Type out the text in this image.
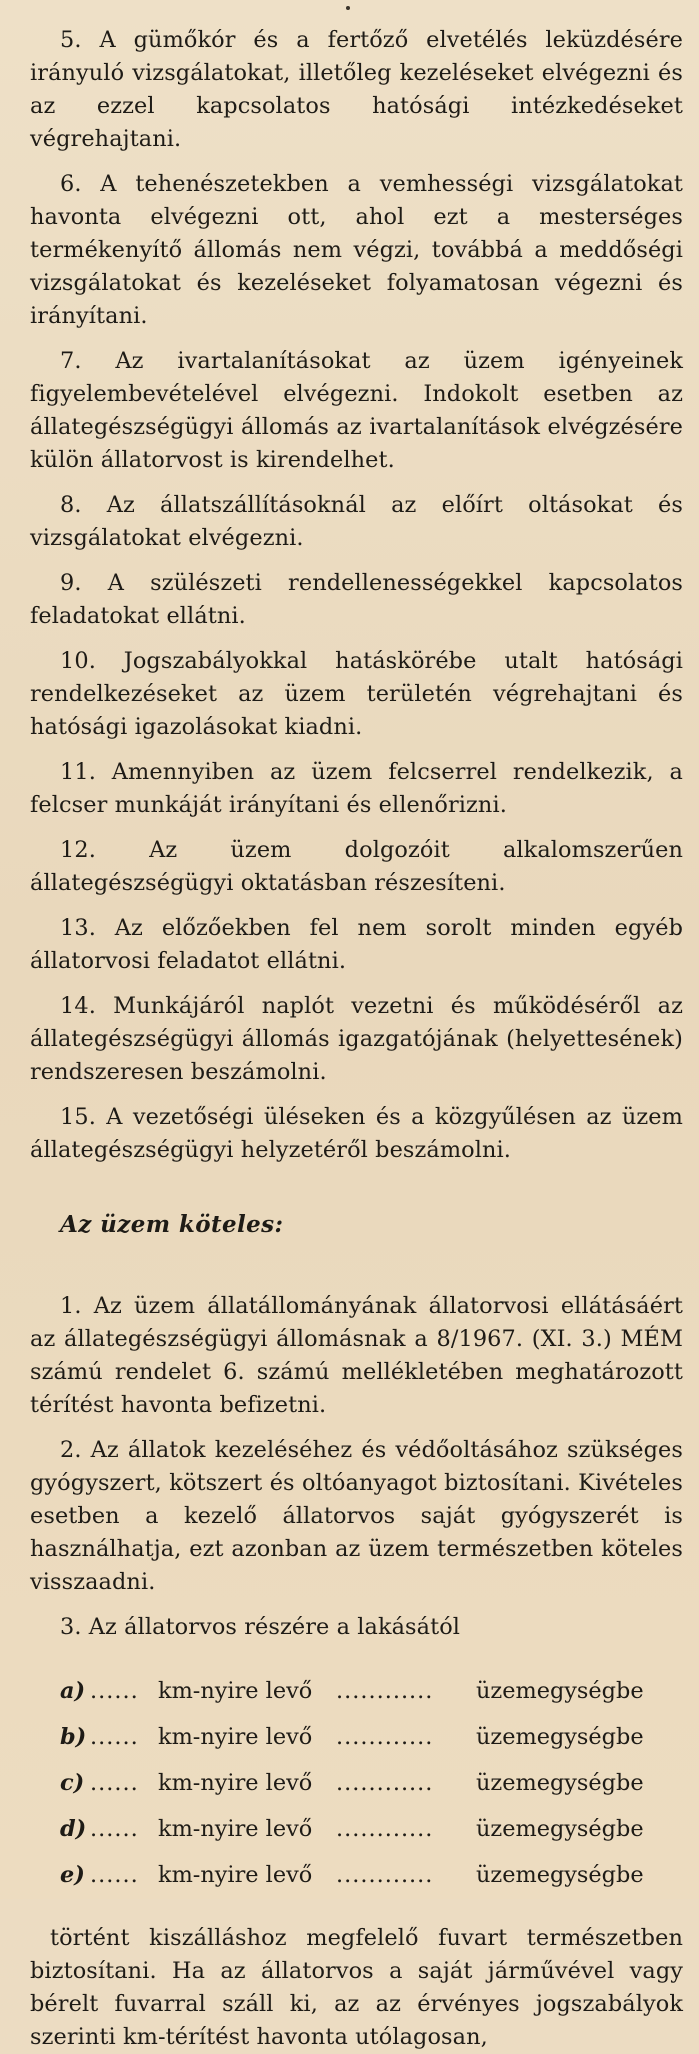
5. A gümőkór és a fertőző elvetélés leküzdésére irányuló vizsgálatokat, illetőleg kezeléseket elvégezni és az ezzel kapcsolatos hatósági intézkedéseket végrehajtani.

6. A tehenészetekben a vemhességi vizsgálatokat havonta elvégezni ott, ahol ezt a mesterséges termékenyítő állomás nem végzi, továbbá a meddőségi vizsgálatokat és kezeléseket folyamatosan végezni és irányítani.

7. Az ivartalanításokat az üzem igényeinek figyelembevételével elvégezni. Indokolt esetben az állategészségügyi állomás az ivartalanítások elvégzésére külön állatorvost is kirendelhet.

8. Az állatszállításoknál az előírt oltásokat és vizsgálatokat elvégezni.

9. A szülészeti rendellenességekkel kapcsolatos feladatokat ellátni.

10. Jogszabályokkal hatáskörébe utalt hatósági rendelkezéseket az üzem területén végrehajtani és hatósági igazolásokat kiadni.

11. Amennyiben az üzem felcserrel rendelkezik, a felcser munkáját irányítani és ellenőrizni.

12. Az üzem dolgozóit alkalomszerűen állategészségügyi oktatásban részesíteni.

13. Az előzőekben fel nem sorolt minden egyéb állatorvosi feladatot ellátni.

14. Munkájáról naplót vezetni és működéséről az állategészségügyi állomás igazgatójának (helyettesének) rendszeresen beszámolni.

15. A vezetőségi üléseken és a közgyűlésen az üzem állategészségügyi helyzetéről beszámolni.

Az üzem köteles:

1. Az üzem állatállományának állatorvosi ellátásáért az állategészségügyi állomásnak a 8/1967. (XI. 3.) MÉM számú rendelet 6. számú mellékletében meghatározott térítést havonta befizetni.

2. Az állatok kezeléséhez és védőoltásához szükséges gyógyszert, kötszert és oltóanyagot biztosítani. Kivételes esetben a kezelő állatorvos saját gyógyszerét is használhatja, ezt azonban az üzem természetben köteles visszaadni.

3. Az állatorvos részére a lakásától

a) ...... km-nyire levő	............	üzemegységbe
b) ...... km-nyire levő	............	üzemegységbe
c) ...... km-nyire levő	............	üzemegységbe
d) ...... km-nyire levő	............	üzemegységbe
e) ...... km-nyire levő	............	üzemegységbe

történt kiszálláshoz megfelelő fuvart természetben biztosítani. Ha az állatorvos a saját járművével vagy bérelt fuvarral száll ki, az az érvényes jogszabályok szerinti km-térítést havonta utólagosan,
